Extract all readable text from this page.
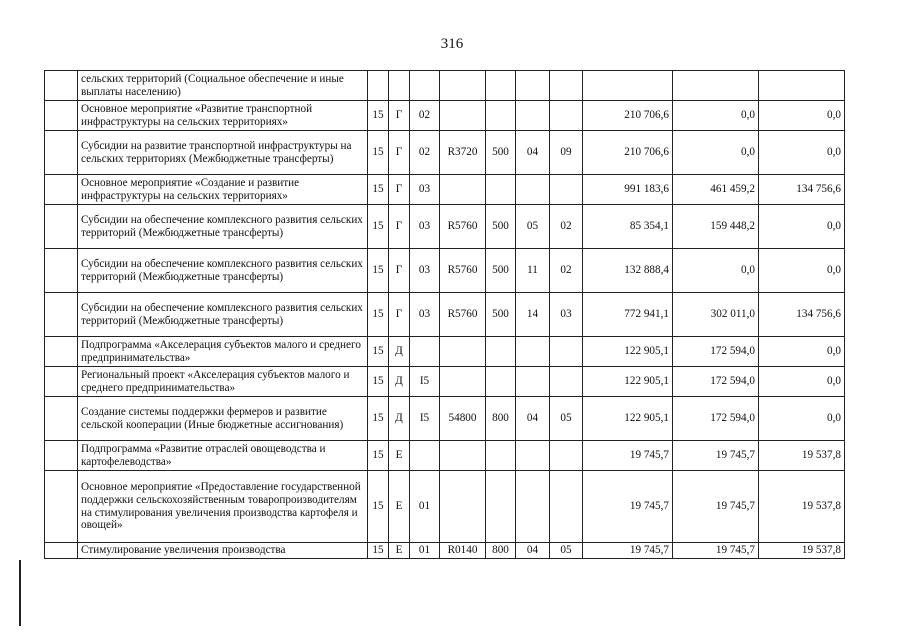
316
	сельских территорий (Социальное обеспечение и иные выплаты населению)										
	Основное мероприятие «Развитие транспортной инфраструктуры на сельских территориях»	15	Г	02					210 706,6	0,0	0,0
	Субсидии на развитие транспортной инфраструктуры на сельских территориях (Межбюджетные трансферты)	15	Г	02	R3720	500	04	09	210 706,6	0,0	0,0
	Основное мероприятие «Создание и развитие инфраструктуры на сельских территориях»	15	Г	03					991 183,6	461 459,2	134 756,6
	Субсидии на обеспечение комплексного развития сельских территорий (Межбюджетные трансферты)	15	Г	03	R5760	500	05	02	85 354,1	159 448,2	0,0
	Субсидии на обеспечение комплексного развития сельских территорий (Межбюджетные трансферты)	15	Г	03	R5760	500	11	02	132 888,4	0,0	0,0
	Субсидии на обеспечение комплексного развития сельских территорий (Межбюджетные трансферты)	15	Г	03	R5760	500	14	03	772 941,1	302 011,0	134 756,6
	Подпрограмма «Акселерация субъектов малого и среднего предпринимательства»	15	Д						122 905,1	172 594,0	0,0
	Региональный проект «Акселерация субъектов малого и среднего предпринимательства»	15	Д	I5					122 905,1	172 594,0	0,0
	Создание системы поддержки фермеров и развитие сельской кооперации (Иные бюджетные ассигнования)	15	Д	I5	54800	800	04	05	122 905,1	172 594,0	0,0
	Подпрограмма «Развитие отраслей овощеводства и картофелеводства»	15	Е						19 745,7	19 745,7	19 537,8
	Основное мероприятие «Предоставление государственной поддержки сельскохозяйственным товаропроизводителям на стимулирования увеличения производства картофеля и овощей»	15	Е	01					19 745,7	19 745,7	19 537,8
	Стимулирование увеличения производства	15	Е	01	R0140	800	04	05	19 745,7	19 745,7	19 537,8
